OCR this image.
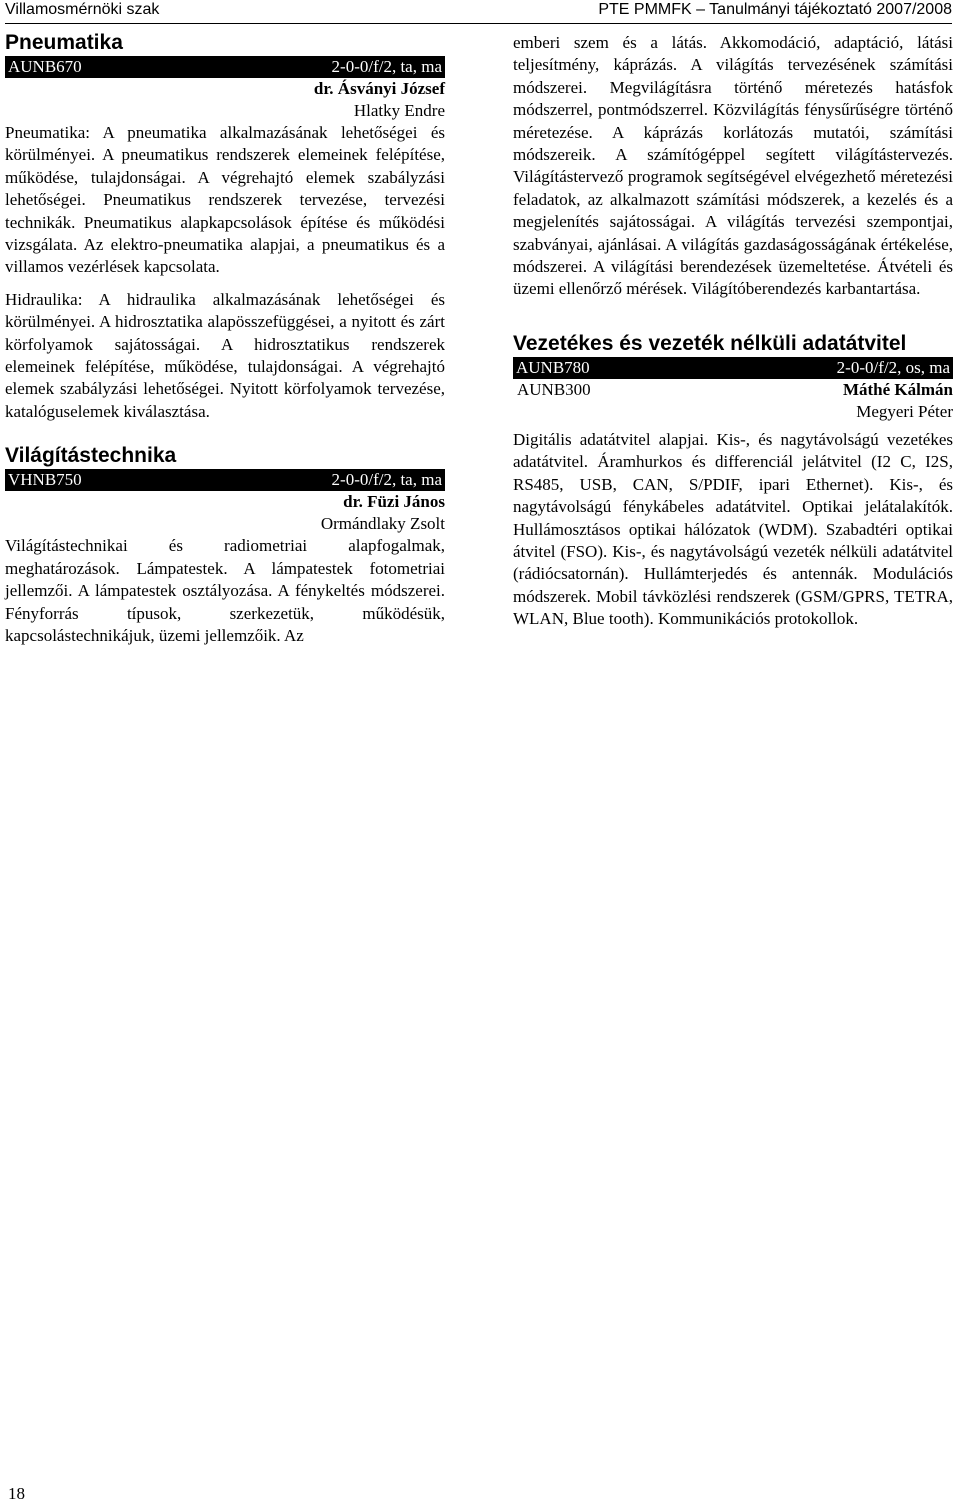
Villamosmérnöki szak	PTE PMMFK – Tanulmányi tájékoztató 2007/2008
Pneumatika
AUNB670	2-0-0/f/2, ta, ma
dr. Ásványi József
Hlatky Endre

Pneumatika: A pneumatika alkalmazásának lehetőségei és körülményei. A pneumatikus rendszerek elemeinek felépítése, működése, tulajdonságai. A végrehajtó elemek szabályzási lehetőségei. Pneumatikus rendszerek tervezése, tervezési technikák. Pneumatikus alapkapcsolások építése és működési vizsgálata. Az elektro-pneumatika alapjai, a pneumatikus és a villamos vezérlések kapcsolata.

Hidraulika: A hidraulika alkalmazásának lehetőségei és körülményei. A hidrosztatika alapösszefüggései, a nyitott és zárt körfolyamok sajátosságai. A hidrosztatikus rendszerek elemeinek felépítése, működése, tulajdonságai. A végrehajtó elemek szabályzási lehetőségei. Nyitott körfolyamok tervezése, katalóguselemek kiválasztása.

Világítástechnika
VHNB750	2-0-0/f/2, ta, ma
dr. Füzi János
Ormándlaky Zsolt

Világítástechnikai és radiometriai alapfogalmak, meghatározások. Lámpatestek. A lámpatestek fotometriai jellemzői. A lámpatestek osztályozása. A fénykeltés módszerei. Fényforrás típusok, szerkezetük, működésük, kapcsolástechnikájuk, üzemi jellemzőik. Az

emberi szem és a látás. Akkomodáció, adaptáció, látási teljesítmény, káprázás. A világítás tervezésének számítási módszerei. Megvilágításra történő méretezés hatásfok módszerrel, pontmódszerrel. Közvilágítás fénysűrűségre történő méretezése. A káprázás korlátozás mutatói, számítási módszereik. A számítógéppel segített világítástervezés. Világítástervező programok segítségével elvégezhető méretezési feladatok, az alkalmazott számítási módszerek, a kezelés és a megjelenítés sajátosságai. A világítás tervezési szempontjai, szabványai, ajánlásai. A világítás gazdaságosságának értékelése, módszerei. A világítási berendezések üzemeltetése. Átvételi és üzemi ellenőrző mérések. Világítóberendezés karbantartása.

Vezetékes és vezeték nélküli adatátvitel
AUNB780	2-0-0/f/2, os, ma
AUNB300	Máthé Kálmán
Megyeri Péter

Digitális adatátvitel alapjai. Kis-, és nagytávolságú vezetékes adatátvitel. Áramhurkos és differenciál jelátvitel (I2 C, I2S, RS485, USB, CAN, S/PDIF, ipari Ethernet). Kis-, és nagytávolságú fénykábeles adatátvitel. Optikai jelátalakítók. Hullámosztásos optikai hálózatok (WDM). Szabadtéri optikai átvitel (FSO). Kis-, és nagytávolságú vezeték nélküli adatátvitel (rádiócsatornán). Hullámterjedés és antennák. Modulációs módszerek. Mobil távközlési rendszerek (GSM/GPRS, TETRA, WLAN, Blue tooth). Kommunikációs protokollok.

18
